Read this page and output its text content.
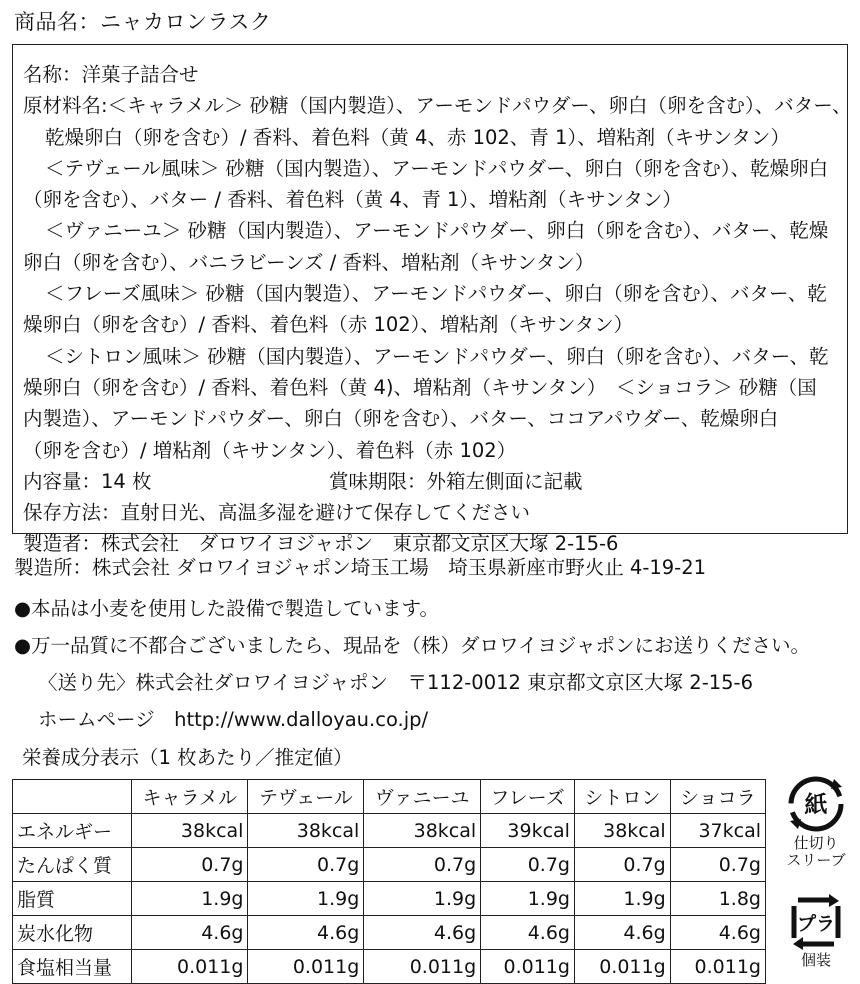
商品名：ニャカロンラスク
名称：洋菓子詰合せ
原材料名:＜キャラメル＞ 砂糖（国内製造）、アーモンドパウダー、卵白（卵を含む）、バター、
乾燥卵白（卵を含む）/ 香料、着色料（黄 4、赤 102、青 1）、増粘剤（キサンタン）
＜テヴェール風味＞ 砂糖（国内製造）、アーモンドパウダー、卵白（卵を含む）、乾燥卵白
（卵を含む）、バター / 香料、着色料（黄 4、青 1）、増粘剤（キサンタン）
＜ヴァニーユ＞ 砂糖（国内製造）、アーモンドパウダー、卵白（卵を含む）、バター、乾燥
卵白（卵を含む）、バニラビーンズ / 香料、増粘剤（キサンタン）
＜フレーズ風味＞ 砂糖（国内製造）、アーモンドパウダー、卵白（卵を含む）、バター、乾
燥卵白（卵を含む）/ 香料、着色料（赤 102）、増粘剤（キサンタン）
＜シトロン風味＞ 砂糖（国内製造）、アーモンドパウダー、卵白（卵を含む）、バター、乾
燥卵白（卵を含む）/ 香料、着色料（黄 4)、増粘剤（キサンタン）　＜ショコラ＞ 砂糖（国
内製造）、アーモンドパウダー、卵白（卵を含む）、バター、ココアパウダー、乾燥卵白
（卵を含む）/ 増粘剤（キサンタン）、着色料（赤 102）
内容量：14 枚	賞味期限：外箱左側面に記載
保存方法：直射日光、高温多湿を避けて保存してください
製造者：株式会社　ダロワイヨジャポン　東京都文京区大塚 2-15-6
製造所：株式会社 ダロワイヨジャポン埼玉工場　埼玉県新座市野火止 4-19-21
●本品は小麦を使用した設備で製造しています。
●万一品質に不都合ございましたら、現品を（株）ダロワイヨジャポンにお送りください。
〈送り先〉株式会社ダロワイヨジャポン　〒112-0012 東京都文京区大塚 2-15-6
ホームページ　http://www.dalloyau.co.jp/
栄養成分表示（1 枚あたり／推定値）
	キャラメル	テヴェール	ヴァニーユ	フレーズ	シトロン	ショコラ
エネルギー	38kcal	38kcal	38kcal	39kcal	38kcal	37kcal
たんぱく質	0.7g	0.7g	0.7g	0.7g	0.7g	0.7g
脂質	1.9g	1.9g	1.9g	1.9g	1.9g	1.8g
炭水化物	4.6g	4.6g	4.6g	4.6g	4.6g	4.6g
食塩相当量	0.011g	0.011g	0.011g	0.011g	0.011g	0.011g
紙
仕切り
スリーブ
プラ
個装
